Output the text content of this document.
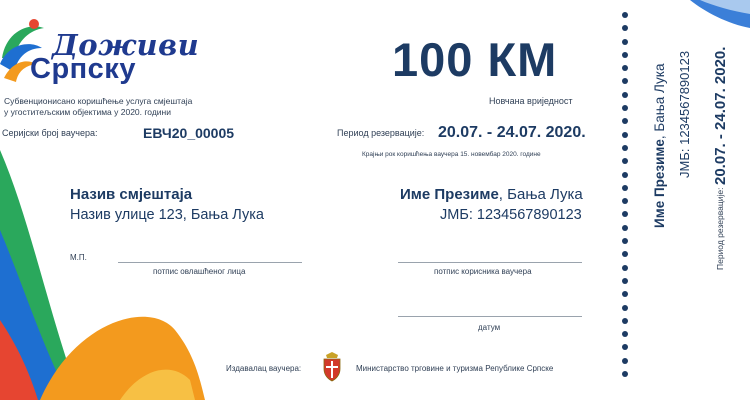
Доживи
Српску
Субвенционисано коришћење услуга смјештаја
у угоститељским објектима у 2020. години
Серијски број ваучера:	ЕВЧ20_00005
100 КМ
Новчана вриједност
Период резервације: 20.07. - 24.07. 2020.
Крајњи рок коришћења ваучера 15. новембар 2020. године
Назив смјештаја
Назив улице 123, Бања Лука
Име Презиме, Бања Лука
ЈМБ: 1234567890123
М.П.
потпис овлашћеног лица	потпис корисника ваучера
датум
Издавалац ваучера:	Министарство трговине и туризма Републике Српске
Име Презиме, Бања Лука ЈМБ: 1234567890123
Период резервације:
20.07. - 24.07. 2020.
